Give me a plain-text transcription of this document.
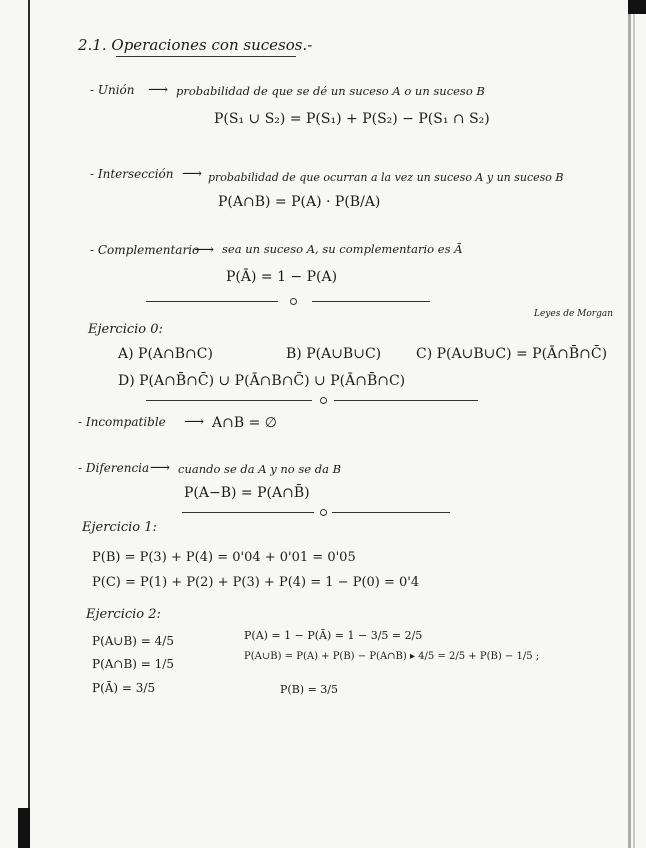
2.1. Operaciones con sucesos.-
- Unión ⟶ probabilidad de que se dé un suceso A o un suceso B
P(S₁ ∪ S₂) = P(S₁) + P(S₂) − P(S₁ ∩ S₂)
- Intersección ⟶ probabilidad de que ocurran a la vez un suceso A y un suceso B
P(A∩B) = P(A) · P(B/A)
- Complementario
⟶ sea un suceso A, su complementario es Ā
P(Ā) = 1 − P(A)
Ejercicio 0:
Leyes de Morgan
A) P(A∩B∩C)	B) P(A∪B∪C) C) P(A∪B∪C) = P(Ā∩B̄∩C̄)
D) P(A∩B̄∩C̄) ∪ P(Ā∩B∩C̄) ∪ P(Ā∩B̄∩C)
- Incompatible ⟶ A∩B = ∅
- Diferencia ⟶ cuando se da A y no se da B
P(A−B) = P(A∩B̄)
Ejercicio 1:
P(B) = P(3) + P(4) = 0'04 + 0'01 = 0'05
P(C) = P(1) + P(2) + P(3) + P(4) = 1 − P(0) = 0'4
Ejercicio 2:
P(A∪B) = 4/5
P(A∩B) = 1/5
P(Ā) = 3/5
P(A) = 1 − P(Ā) = 1 − 3/5 = 2/5
P(A∪B) = P(A) + P(B) − P(A∩B) ▸ 4/5 = 2/5 + P(B) − 1/5 ;
P(B) = 3/5
